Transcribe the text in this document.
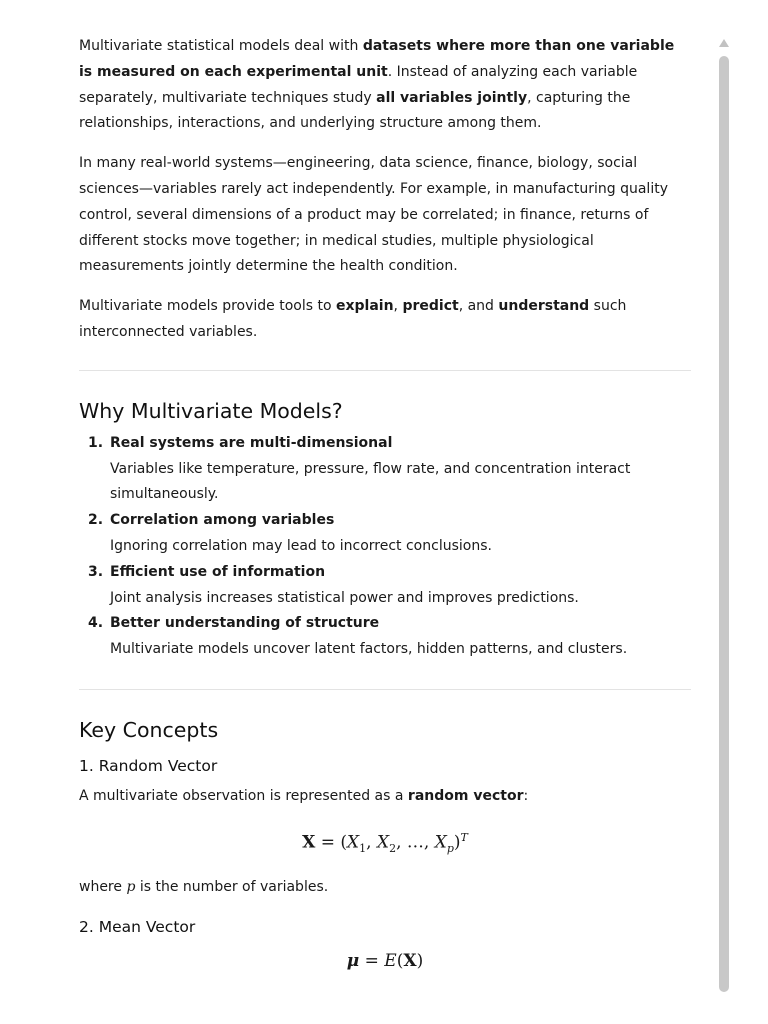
Multivariate statistical models deal with datasets where more than one variable is measured on each experimental unit. Instead of analyzing each variable separately, multivariate techniques study all variables jointly, capturing the relationships, interactions, and underlying structure among them.

In many real-world systems—engineering, data science, finance, biology, social sciences—variables rarely act independently. For example, in manufacturing quality control, several dimensions of a product may be correlated; in finance, returns of different stocks move together; in medical studies, multiple physiological measurements jointly determine the health condition.

Multivariate models provide tools to explain, predict, and understand such interconnected variables.

Why Multivariate Models?
1. Real systems are multi-dimensional
Variables like temperature, pressure, flow rate, and concentration interact simultaneously.
2. Correlation among variables
Ignoring correlation may lead to incorrect conclusions.
3. Efficient use of information
Joint analysis increases statistical power and improves predictions.
4. Better understanding of structure
Multivariate models uncover latent factors, hidden patterns, and clusters.
Key Concepts
1. Random Vector

A multivariate observation is represented as a random vector:

$X = (X_1$, $X_2$, …, $X_p)^T$

where p is the number of variables.

2. Mean Vector
μ = E(X)
